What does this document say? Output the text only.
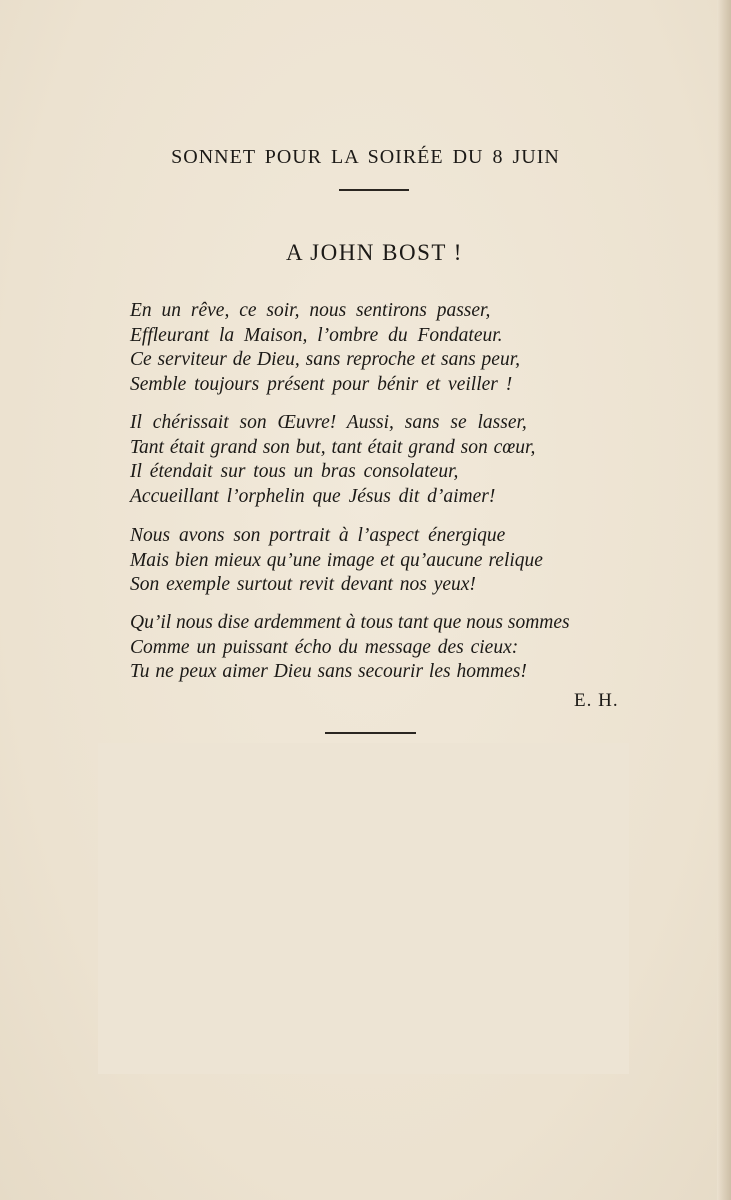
SONNET POUR LA SOIRÉE DU 8 JUIN
A JOHN BOST !
En un rêve, ce soir, nous sentirons passer,
Effleurant la Maison, l’ombre du Fondateur.
Ce serviteur de Dieu, sans reproche et sans peur,
Semble toujours présent pour bénir et veiller !
Il chérissait son Œuvre! Aussi, sans se lasser,
Tant était grand son but, tant était grand son cœur,
Il étendait sur tous un bras consolateur,
Accueillant l’orphelin que Jésus dit d’aimer!
Nous avons son portrait à l’aspect énergique
Mais bien mieux qu’une image et qu’aucune relique
Son exemple surtout revit devant nos yeux!
Qu’il nous dise ardemment à tous tant que nous sommes
Comme un puissant écho du message des cieux:
Tu ne peux aimer Dieu sans secourir les hommes!
E. H.
